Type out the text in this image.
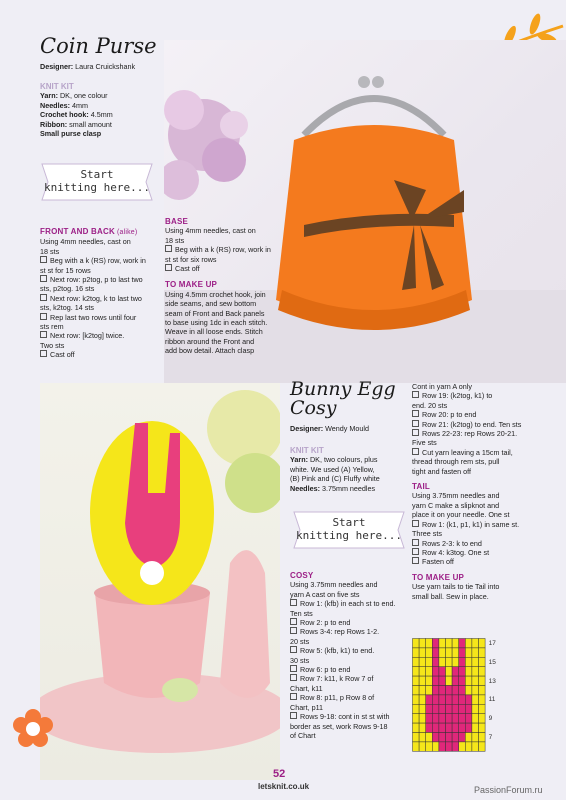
Coin Purse
Designer: Laura Cruickshank
KNIT KIT
Yarn: DK, one colour
Needles: 4mm
Crochet hook: 4.5mm
Ribbon: small amount
Small purse clasp
Start
knitting here...
FRONT AND BACK (alike)
Using 4mm needles, cast on
18 sts
Beg with a k (RS) row, work in
st st for 15 rows
Next row: p2tog, p to last two
sts, p2tog. 16 sts
Next row: k2tog, k to last two
sts, k2tog. 14 sts
Rep last two rows until four
sts rem
Next row: [k2tog] twice.
Two sts
Cast off
BASE
Using 4mm needles, cast on
18 sts
Beg with a k (RS) row, work in
st st for six rows
Cast off
TO MAKE UP
Using 4.5mm crochet hook, join
side seams, and sew bottom
seam of Front and Back panels
to base using 1dc in each stitch.
Weave in all loose ends. Stitch
ribbon around the Front and
add bow detail. Attach clasp
Bunny Egg
Cosy
Designer: Wendy Mould
KNIT KIT
Yarn: DK, two colours, plus
white. We used (A) Yellow,
(B) Pink and (C) Fluffy white
Needles: 3.75mm needles
Start
knitting here...
COSY
Using 3.75mm needles and
yarn A cast on five sts
Row 1: (kfb) in each st to end.
Ten sts
Row 2: p to end
Rows 3-4: rep Rows 1-2.
20 sts
Row 5: (kfb, k1) to end.
30 sts
Row 6: p to end
Row 7: k11, k Row 7 of
Chart, k11
Row 8: p11, p Row 8 of
Chart, p11
Rows 9-18: cont in st st with
border as set, work Rows 9-18
of Chart
Cont in yarn A only
Row 19: (k2tog, k1) to
end. 20 sts
Row 20: p to end
Row 21: (k2tog) to end. Ten sts
Rows 22-23: rep Rows 20-21.
Five sts
Cut yarn leaving a 15cm tail,
thread through rem sts, pull
tight and fasten off
TAIL
Using 3.75mm needles and
yarn C make a slipknot and
place it on your needle. One st
Row 1: (k1, p1, k1) in same st.
Three sts
Rows 2-3: k to end
Row 4: k3tog. One st
Fasten off
TO MAKE UP
Use yarn tails to tie Tail into
small ball. Sew in place.
17
15
13
11
9
7
52
letsknit.co.uk	PassionForum.ru
